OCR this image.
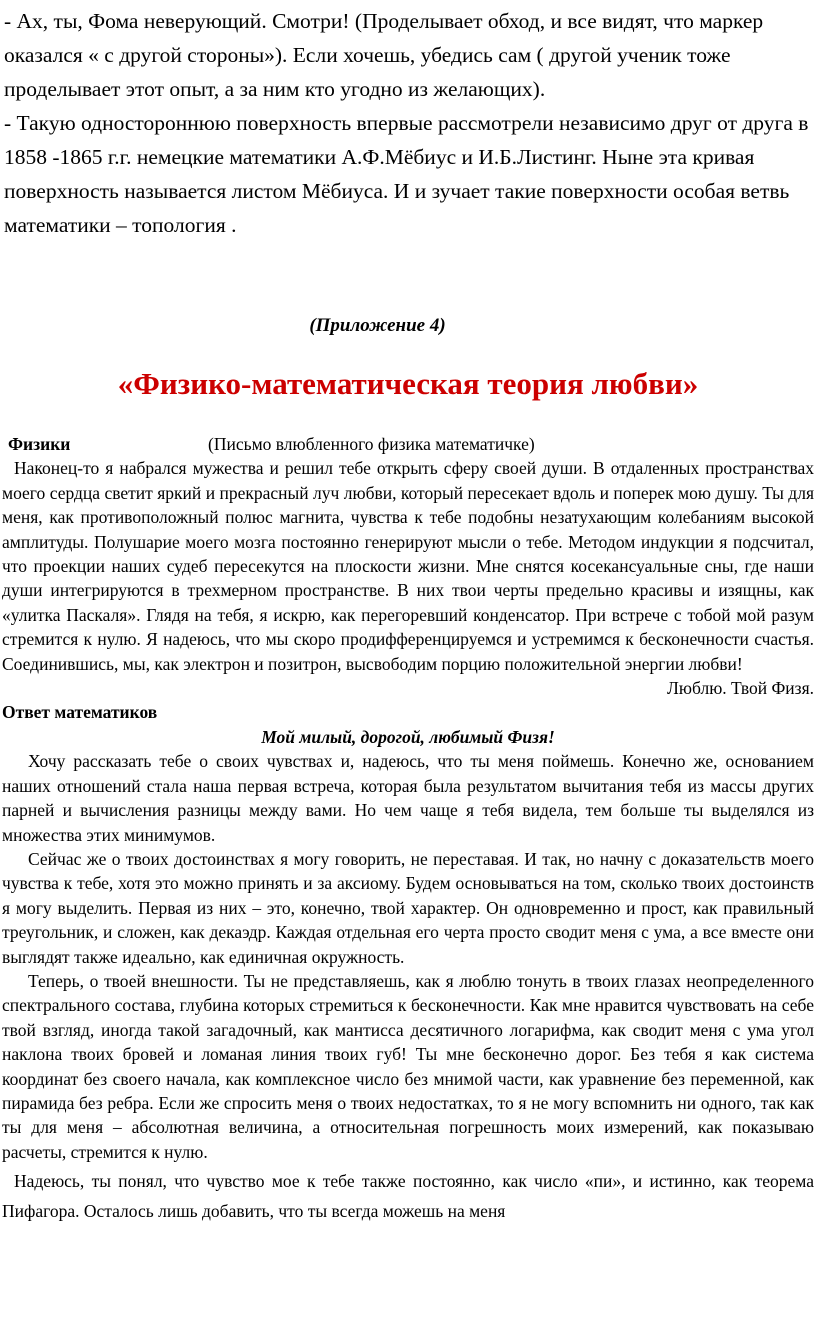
- Ах, ты, Фома неверующий. Смотри! (Проделывает обход, и все видят, что маркер оказался « с другой стороны»). Если хочешь, убедись сам ( другой ученик тоже проделывает этот опыт, а за ним кто угодно из желающих).

- Такую одностороннюю поверхность впервые рассмотрели независимо друг от друга в 1858 -1865 г.г. немецкие математики А.Ф.Мёбиус и И.Б.Листинг. Ныне эта кривая поверхность называется листом Мёбиуса. И и зучает такие поверхности особая ветвь математики – топология .

(Приложение 4)
«Физико-математическая теория любви»

Физики	(Письмо влюбленного физика математичке)

Наконец-то я набрался мужества и решил тебе открыть сферу своей души. В отдаленных пространствах моего сердца светит яркий и прекрасный луч любви, который пересекает вдоль и поперек мою душу. Ты для меня, как противоположный полюс магнита, чувства к тебе подобны незатухающим колебаниям высокой амплитуды. Полушарие моего мозга постоянно генерируют мысли о тебе. Методом индукции я подсчитал, что проекции наших судеб пересекутся на плоскости жизни. Мне снятся косекансуальные сны, где наши души интегрируются в трехмерном пространстве. В них твои черты предельно красивы и изящны, как «улитка Паскаля». Глядя на тебя, я искрю, как перегоревший конденсатор. При встрече с тобой мой разум стремится к нулю. Я надеюсь, что мы скоро продифференцируемся и устремимся к бесконечности счастья. Соединившись, мы, как электрон и позитрон, высвободим порцию положительной энергии любви!

Люблю. Твой Физя.

Ответ математиков

Мой милый, дорогой, любимый Физя!

Хочу рассказать тебе о своих чувствах и, надеюсь, что ты меня поймешь. Конечно же, основанием наших отношений стала наша первая встреча, которая была результатом вычитания тебя из массы других парней и вычисления разницы между вами. Но чем чаще я тебя видела, тем больше ты выделялся из множества этих минимумов.

Сейчас же о твоих достоинствах я могу говорить, не переставая. И так, но начну с доказательств моего чувства к тебе, хотя это можно принять и за аксиому. Будем основываться на том, сколько твоих достоинств я могу выделить. Первая из них – это, конечно, твой характер. Он одновременно и прост, как правильный треугольник, и сложен, как декаэдр. Каждая отдельная его черта просто сводит меня с ума, а все вместе они выглядят также идеально, как единичная окружность.

Теперь, о твоей внешности. Ты не представляешь, как я люблю тонуть в твоих глазах неопределенного спектрального состава, глубина которых стремиться к бесконечности. Как мне нравится чувствовать на себе твой взгляд, иногда такой загадочный, как мантисса десятичного логарифма, как сводит меня с ума угол наклона твоих бровей и ломаная линия твоих губ! Ты мне бесконечно дорог. Без тебя я как система координат без своего начала, как комплексное число без мнимой части, как уравнение без переменной, как пирамида без ребра. Если же спросить меня о твоих недостатках, то я не могу вспомнить ни одного, так как ты для меня – абсолютная величина, а относительная погрешность моих измерений, как показываю расчеты, стремится к нулю.

Надеюсь, ты понял, что чувство мое к тебе также постоянно, как число «пи», и истинно, как теорема Пифагора. Осталось лишь добавить, что ты всегда можешь на меня
